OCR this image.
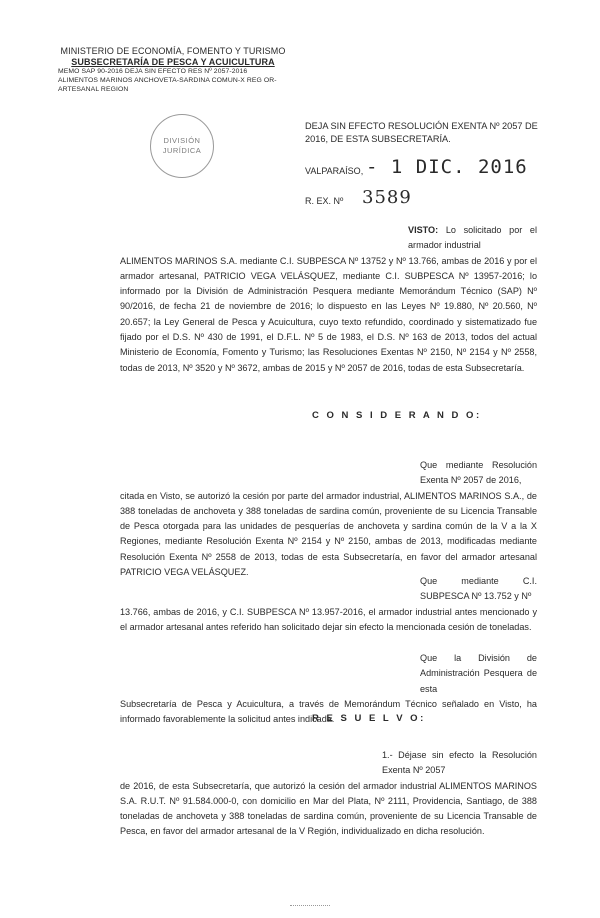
MINISTERIO DE ECONOMÍA, FOMENTO Y TURISMO
SUBSECRETARÍA DE PESCA Y ACUICULTURA
MEMO SAP 90-2016 DEJA SIN EFECTO RES Nº 2057-2016
ALIMENTOS MARINOS ANCHOVETA-SARDINA COMUN-X REG OR-
ARTESANAL REGION
DIVISIÓN
JURÍDICA
DEJA SIN EFECTO RESOLUCIÓN EXENTA Nº 2057 DE 2016, DE ESTA SUBSECRETARÍA.
VALPARAÍSO, - 1 DIC. 2016
R. EX. Nº 3589
VISTO: Lo solicitado por el armador industrial
ALIMENTOS MARINOS S.A. mediante C.I. SUBPESCA Nº 13752 y Nº 13.766, ambas de 2016 y por el armador artesanal, PATRICIO VEGA VELÁSQUEZ, mediante C.I. SUBPESCA Nº 13957-2016; lo informado por la División de Administración Pesquera mediante Memorándum Técnico (SAP) Nº 90/2016, de fecha 21 de noviembre de 2016; lo dispuesto en las Leyes Nº 19.880, Nº 20.560, Nº 20.657; la Ley General de Pesca y Acuicultura, cuyo texto refundido, coordinado y sistematizado fue fijado por el D.S. Nº 430 de 1991, el D.F.L. Nº 5 de 1983, el D.S. Nº 163 de 2013, todos del actual Ministerio de Economía, Fomento y Turismo; las Resoluciones Exentas Nº 2150, Nº 2154 y Nº 2558, todas de 2013, Nº 3520 y Nº 3672, ambas de 2015 y Nº 2057 de 2016, todas de esta Subsecretaría.
C O N S I D E R A N D O:
Que mediante Resolución Exenta Nº 2057 de 2016,
citada en Visto, se autorizó la cesión por parte del armador industrial, ALIMENTOS MARINOS S.A., de 388 toneladas de anchoveta y 388 toneladas de sardina común, proveniente de su Licencia Transable de Pesca otorgada para las unidades de pesquerías de anchoveta y sardina común de la V a la X Regiones, mediante Resolución Exenta Nº 2154 y Nº 2150, ambas de 2013, modificadas mediante Resolución Exenta Nº 2558 de 2013, todas de esta Subsecretaría, en favor del armador artesanal PATRICIO VEGA VELÁSQUEZ.
Que mediante C.I. SUBPESCA Nº 13.752 y Nº
13.766, ambas de 2016, y C.I. SUBPESCA Nº 13.957-2016, el armador industrial antes mencionado y el armador artesanal antes referido han solicitado dejar sin efecto la mencionada cesión de toneladas.
Que la División de Administración Pesquera de esta
Subsecretaría de Pesca y Acuicultura, a través de Memorándum Técnico señalado en Visto, ha informado favorablemente la solicitud antes indicada.
R E S U E L V O:
1.- Déjase sin efecto la Resolución Exenta Nº 2057
de 2016, de esta Subsecretaría, que autorizó la cesión del armador industrial ALIMENTOS MARINOS S.A. R.U.T. Nº 91.584.000-0, con domicilio en Mar del Plata, Nº 2111, Providencia, Santiago, de 388 toneladas de anchoveta y 388 toneladas de sardina común, proveniente de su Licencia Transable de Pesca, en favor del armador artesanal de la V Región, individualizado en dicha resolución.
